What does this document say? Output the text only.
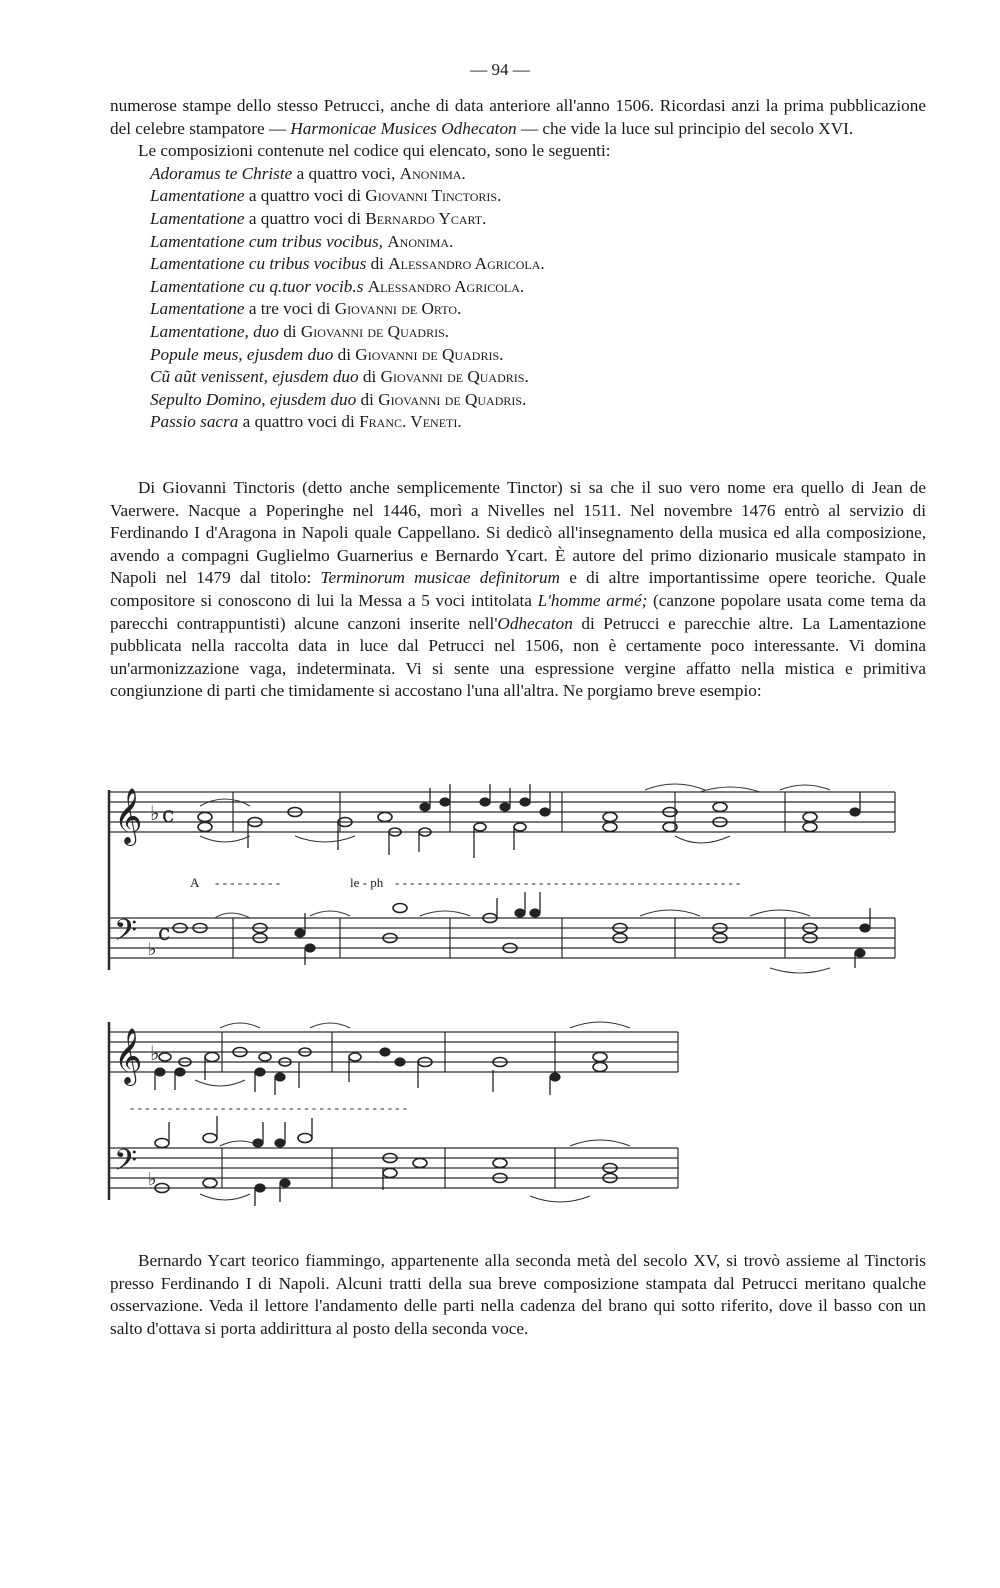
— 94 —

numerose stampe dello stesso Petrucci, anche di data anteriore all'anno 1506. Ricordasi anzi la prima pubblicazione del celebre stampatore — Harmonicae Musices Odhecaton — che vide la luce sul principio del secolo XVI.

Le composizioni contenute nel codice qui elencato, sono le seguenti:

Adoramus te Christe a quattro voci, Anonima.
Lamentatione a quattro voci di Giovanni Tinctoris.
Lamentatione a quattro voci di Bernardo Ycart.
Lamentatione cum tribus vocibus, Anonima.
Lamentatione cu tribus vocibus di Alessandro Agricola.
Lamentatione cu q.tuor vocib.s Alessandro Agricola.
Lamentatione a tre voci di Giovanni de Orto.
Lamentatione, duo di Giovanni de Quadris.
Popule meus, ejusdem duo di Giovanni de Quadris.
Cũ aũt venissent, ejusdem duo di Giovanni de Quadris.
Sepulto Domino, ejusdem duo di Giovanni de Quadris.
Passio sacra a quattro voci di Franc. Veneti.

Di Giovanni Tinctoris (detto anche semplicemente Tinctor) si sa che il suo vero nome era quello di Jean de Vaerwere. Nacque a Poperinghe nel 1446, morì a Nivelles nel 1511. Nel novembre 1476 entrò al servizio di Ferdinando I d'Aragona in Napoli quale Cappellano. Si dedicò all'insegnamento della musica ed alla composizione, avendo a compagni Guglielmo Guarnerius e Bernardo Ycart. È autore del primo dizionario musicale stampato in Napoli nel 1479 dal titolo: Terminorum musicae definitorum e di altre importantissime opere teoriche. Quale compositore si conoscono di lui la Messa a 5 voci intitolata L'homme armé; (canzone popolare usata come tema da parecchi contrappuntisti) alcune canzoni inserite nell'Odhecaton di Petrucci e parecchie altre. La Lamentazione pubblicata nella raccolta data in luce dal Petrucci nel 1506, non è certamente poco interessante. Vi domina un'armonizzazione vaga, indeterminata. Vi si sente una espressione vergine affatto nella mistica e primitiva congiunzione di parti che timidamente si accostano l'una all'altra. Ne porgiamo breve esempio:

𝄞 ♭ c
A - - - - - - - - -	le - ph - - - - - - - - - - - - - - - - - - - - - - - - - - - - - - - - - - - - - - - - - - - - - -
𝄢 ♭
c
𝄞 ♭
- - - - - - - - - - - - - - - - - - - - - - - - - - - - - - - - - - - - -
𝄢 ♭

Bernardo Ycart teorico fiammingo, appartenente alla seconda metà del secolo XV, si trovò assieme al Tinctoris presso Ferdinando I di Napoli. Alcuni tratti della sua breve composizione stampata dal Petrucci meritano qualche osservazione. Veda il lettore l'andamento delle parti nella cadenza del brano qui sotto riferito, dove il basso con un salto d'ottava si porta addirittura al posto della seconda voce.
